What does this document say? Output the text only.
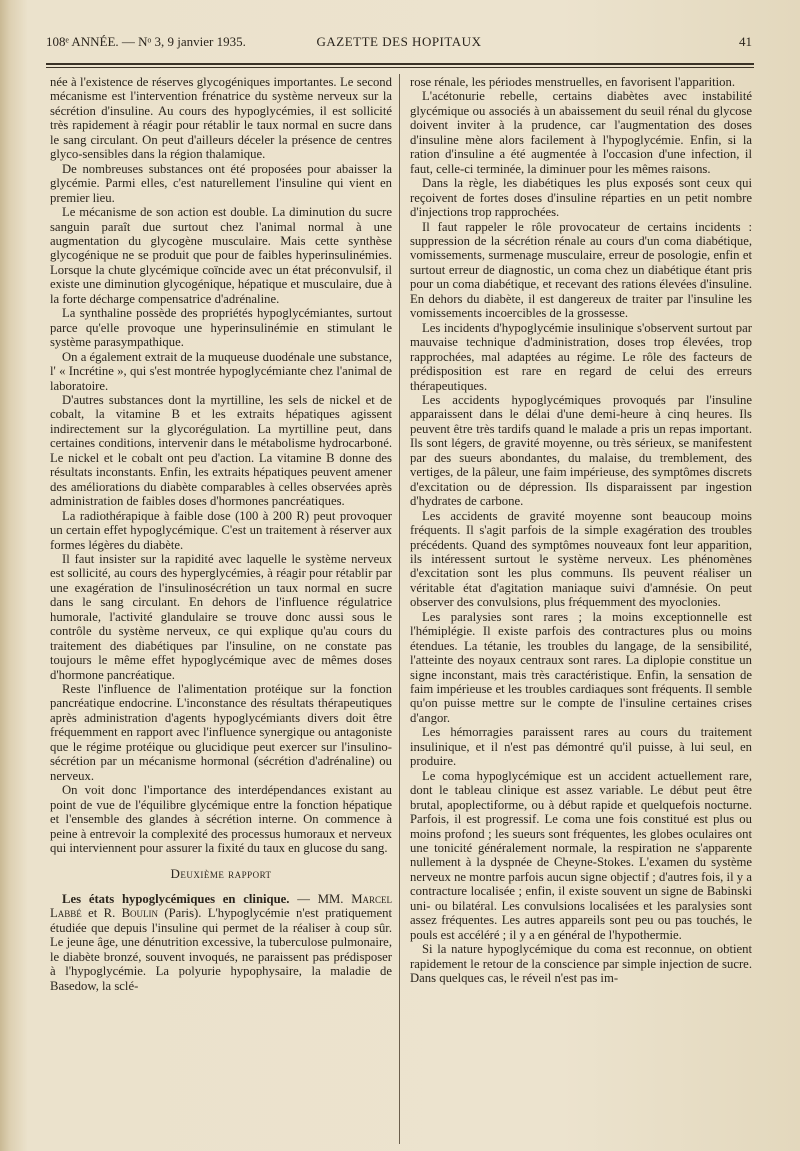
108ᵉ ANNÉE. — Nᵒ 3, 9 janvier 1935.	GAZETTE DES HOPITAUX	41

née à l'existence de réserves glycogéniques importantes. Le second mécanisme est l'intervention frénatrice du système nerveux sur la sécrétion d'insuline. Au cours des hypoglycémies, il est sollicité très rapidement à réagir pour rétablir le taux normal en sucre dans le sang circulant. On peut d'ailleurs déceler la présence de centres glyco-sensibles dans la région thalamique.

De nombreuses substances ont été proposées pour abaisser la glycémie. Parmi elles, c'est naturellement l'insuline qui vient en premier lieu.

Le mécanisme de son action est double. La diminution du sucre sanguin paraît due surtout chez l'animal normal à une augmentation du glycogène musculaire. Mais cette synthèse glycogénique ne se produit que pour de faibles hyperinsulinémies. Lorsque la chute glycémique coïncide avec un état préconvulsif, il existe une diminution glycogénique, hépatique et musculaire, due à la forte décharge compensatrice d'adrénaline.

La synthaline possède des propriétés hypoglycémiantes, surtout parce qu'elle provoque une hyperinsulinémie en stimulant le système parasympathique.

On a également extrait de la muqueuse duodénale une substance, l' « Incrétine », qui s'est montrée hypoglycémiante chez l'animal de laboratoire.

D'autres substances dont la myrtilline, les sels de nickel et de cobalt, la vitamine B et les extraits hépatiques agissent indirectement sur la glycorégulation. La myrtilline peut, dans certaines conditions, intervenir dans le métabolisme hydrocarboné. Le nickel et le cobalt ont peu d'action. La vitamine B donne des résultats inconstants. Enfin, les extraits hépatiques peuvent amener des améliorations du diabète comparables à celles observées après administration de faibles doses d'hormones pancréatiques.

La radiothérapique à faible dose (100 à 200 R) peut provoquer un certain effet hypoglycémique. C'est un traitement à réserver aux formes légères du diabète.

Il faut insister sur la rapidité avec laquelle le système nerveux est sollicité, au cours des hyperglycémies, à réagir pour rétablir par une exagération de l'insulinosécrétion un taux normal en sucre dans le sang circulant. En dehors de l'influence régulatrice humorale, l'activité glandulaire se trouve donc aussi sous le contrôle du système nerveux, ce qui explique qu'au cours du traitement des diabétiques par l'insuline, on ne constate pas toujours le même effet hypoglycémique avec de mêmes doses d'hormone pancréatique.

Reste l'influence de l'alimentation protéique sur la fonction pancréatique endocrine. L'inconstance des résultats thérapeutiques après administration d'agents hypoglycémiants divers doit être fréquemment en rapport avec l'influence synergique ou antagoniste que le régime protéique ou glucidique peut exercer sur l'insulino-sécrétion par un mécanisme hormonal (sécrétion d'adrénaline) ou nerveux.

On voit donc l'importance des interdépendances existant au point de vue de l'équilibre glycémique entre la fonction hépatique et l'ensemble des glandes à sécrétion interne. On commence à peine à entrevoir la complexité des processus humoraux et nerveux qui interviennent pour assurer la fixité du taux en glucose du sang.

Deuxième rapport

Les états hypoglycémiques en clinique. — MM. Marcel Labbé et R. Boulin (Paris). L'hypoglycémie n'est pratiquement étudiée que depuis l'insuline qui permet de la réaliser à coup sûr. Le jeune âge, une dénutrition excessive, la tuberculose pulmonaire, le diabète bronzé, souvent invoqués, ne paraissent pas prédisposer à l'hypoglycémie. La polyurie hypophysaire, la maladie de Basedow, la sclé-

rose rénale, les périodes menstruelles, en favorisent l'apparition.

L'acétonurie rebelle, certains diabètes avec instabilité glycémique ou associés à un abaissement du seuil rénal du glycose doivent inviter à la prudence, car l'augmentation des doses d'insuline mène alors facilement à l'hypoglycémie. Enfin, si la ration d'insuline a été augmentée à l'occasion d'une infection, il faut, celle-ci terminée, la diminuer pour les mêmes raisons.

Dans la règle, les diabétiques les plus exposés sont ceux qui reçoivent de fortes doses d'insuline réparties en un petit nombre d'injections trop rapprochées.

Il faut rappeler le rôle provocateur de certains incidents : suppression de la sécrétion rénale au cours d'un coma diabétique, vomissements, surmenage musculaire, erreur de posologie, enfin et surtout erreur de diagnostic, un coma chez un diabétique étant pris pour un coma diabétique, et recevant des rations élevées d'insuline. En dehors du diabète, il est dangereux de traiter par l'insuline les vomissements incoercibles de la grossesse.

Les incidents d'hypoglycémie insulinique s'observent surtout par mauvaise technique d'administration, doses trop élevées, trop rapprochées, mal adaptées au régime. Le rôle des facteurs de prédisposition est rare en regard de celui des erreurs thérapeutiques.

Les accidents hypoglycémiques provoqués par l'insuline apparaissent dans le délai d'une demi-heure à cinq heures. Ils peuvent être très tardifs quand le malade a pris un repas important. Ils sont légers, de gravité moyenne, ou très sérieux, se manifestent par des sueurs abondantes, du malaise, du tremblement, des vertiges, de la pâleur, une faim impérieuse, des symptômes discrets d'excitation ou de dépression. Ils disparaissent par ingestion d'hydrates de carbone.

Les accidents de gravité moyenne sont beaucoup moins fréquents. Il s'agit parfois de la simple exagération des troubles précédents. Quand des symptômes nouveaux font leur apparition, ils intéressent surtout le système nerveux. Les phénomènes d'excitation sont les plus communs. Ils peuvent réaliser un véritable état d'agitation maniaque suivi d'amnésie. On peut observer des convulsions, plus fréquemment des myoclonies.

Les paralysies sont rares ; la moins exceptionnelle est l'hémiplégie. Il existe parfois des contractures plus ou moins étendues. La tétanie, les troubles du langage, de la sensibilité, l'atteinte des noyaux centraux sont rares. La diplopie constitue un signe inconstant, mais très caractéristique. Enfin, la sensation de faim impérieuse et les troubles cardiaques sont fréquents. Il semble qu'on puisse mettre sur le compte de l'insuline certaines crises d'angor.

Les hémorragies paraissent rares au cours du traitement insulinique, et il n'est pas démontré qu'il puisse, à lui seul, en produire.

Le coma hypoglycémique est un accident actuellement rare, dont le tableau clinique est assez variable. Le début peut être brutal, apoplectiforme, ou à début rapide et quelquefois nocturne. Parfois, il est progressif. Le coma une fois constitué est plus ou moins profond ; les sueurs sont fréquentes, les globes oculaires ont une tonicité généralement normale, la respiration ne s'apparente nullement à la dyspnée de Cheyne-Stokes. L'examen du système nerveux ne montre parfois aucun signe objectif ; d'autres fois, il y a contracture localisée ; enfin, il existe souvent un signe de Babinski uni- ou bilatéral. Les convulsions localisées et les paralysies sont assez fréquentes. Les autres appareils sont peu ou pas touchés, le pouls est accéléré ; il y a en général de l'hypothermie.

Si la nature hypoglycémique du coma est reconnue, on obtient rapidement le retour de la conscience par simple injection de sucre. Dans quelques cas, le réveil n'est pas im-
